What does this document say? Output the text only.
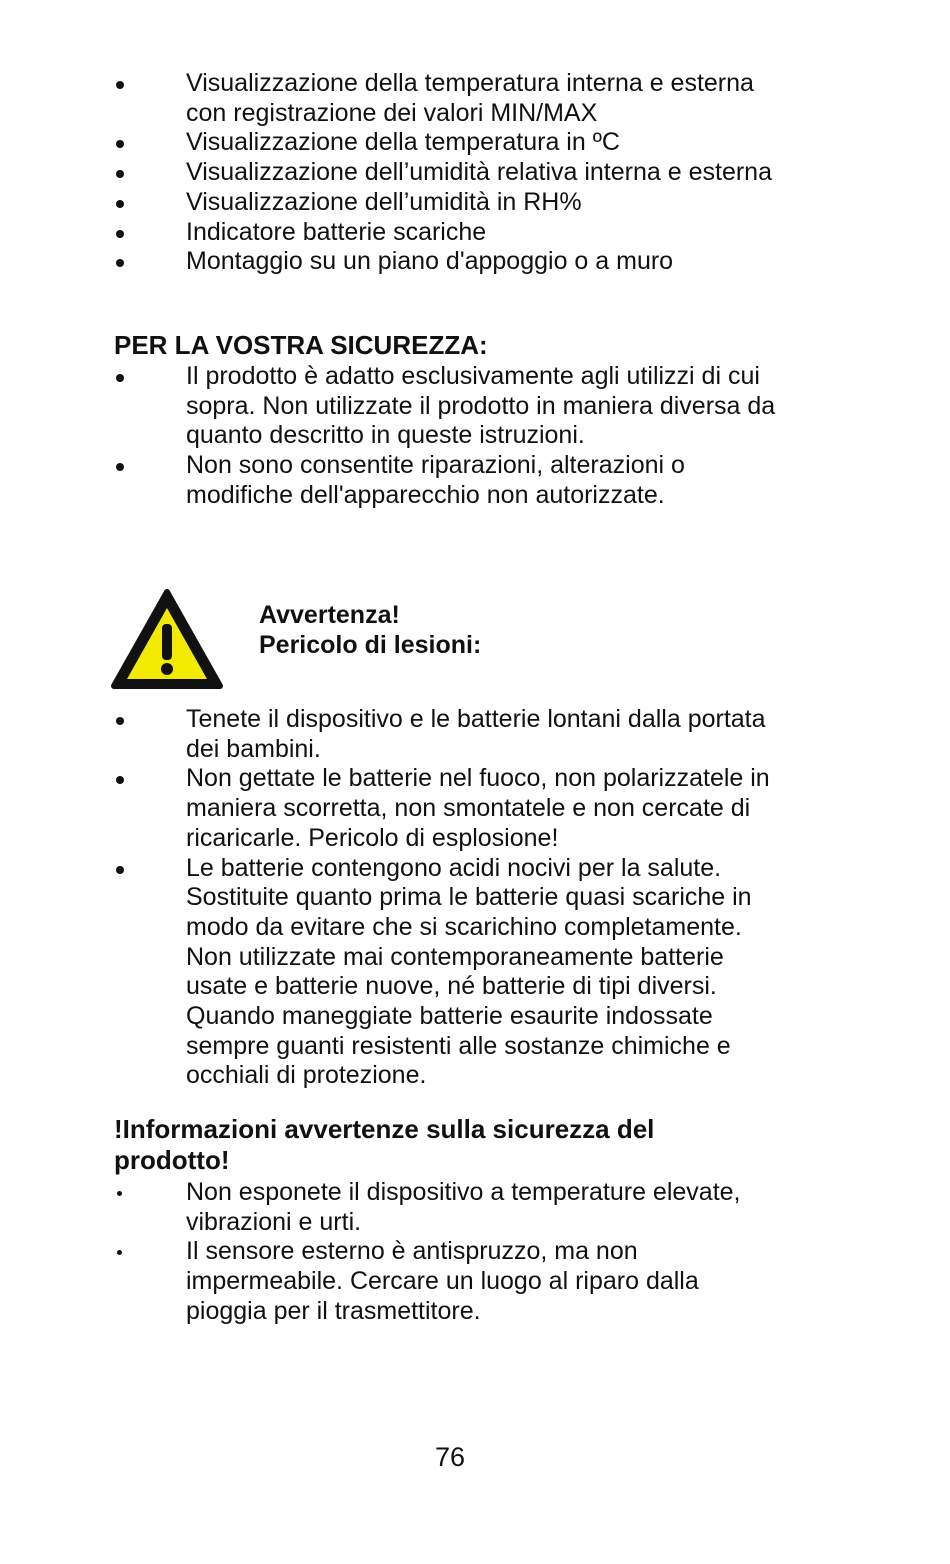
Visualizzazione della temperatura interna e esterna con registrazione dei valori MIN/MAX
Visualizzazione della temperatura in ºC
Visualizzazione dell’umidità relativa interna e esterna
Visualizzazione dell’umidità in RH%
Indicatore batterie scariche
Montaggio su un piano d'appoggio o a muro
PER LA VOSTRA SICUREZZA:
Il prodotto è adatto esclusivamente agli utilizzi di cui sopra. Non utilizzate il prodotto in maniera diversa da quanto descritto in queste istruzioni.
Non sono consentite riparazioni, alterazioni o modifiche dell'apparecchio non autorizzate.
Avvertenza!
Pericolo di lesioni:
Tenete il dispositivo e le batterie lontani dalla portata dei bambini.
Non gettate le batterie nel fuoco, non polarizzatele in maniera scorretta, non smontatele e non cercate di ricaricarle. Pericolo di esplosione!
Le batterie contengono acidi nocivi per la salute. Sostituite quanto prima le batterie quasi scariche in modo da evitare che si scarichino completamente. Non utilizzate mai contemporaneamente batterie usate e batterie nuove, né batterie di tipi diversi. Quando maneggiate batterie esaurite indossate sempre guanti resistenti alle sostanze chimiche e occhiali di protezione.
!Informazioni avvertenze sulla sicurezza del
prodotto!
Non esponete il dispositivo a temperature elevate, vibrazioni e urti.
Il sensore esterno è antispruzzo, ma non impermeabile. Cercare un luogo al riparo dalla pioggia per il trasmettitore.
76
